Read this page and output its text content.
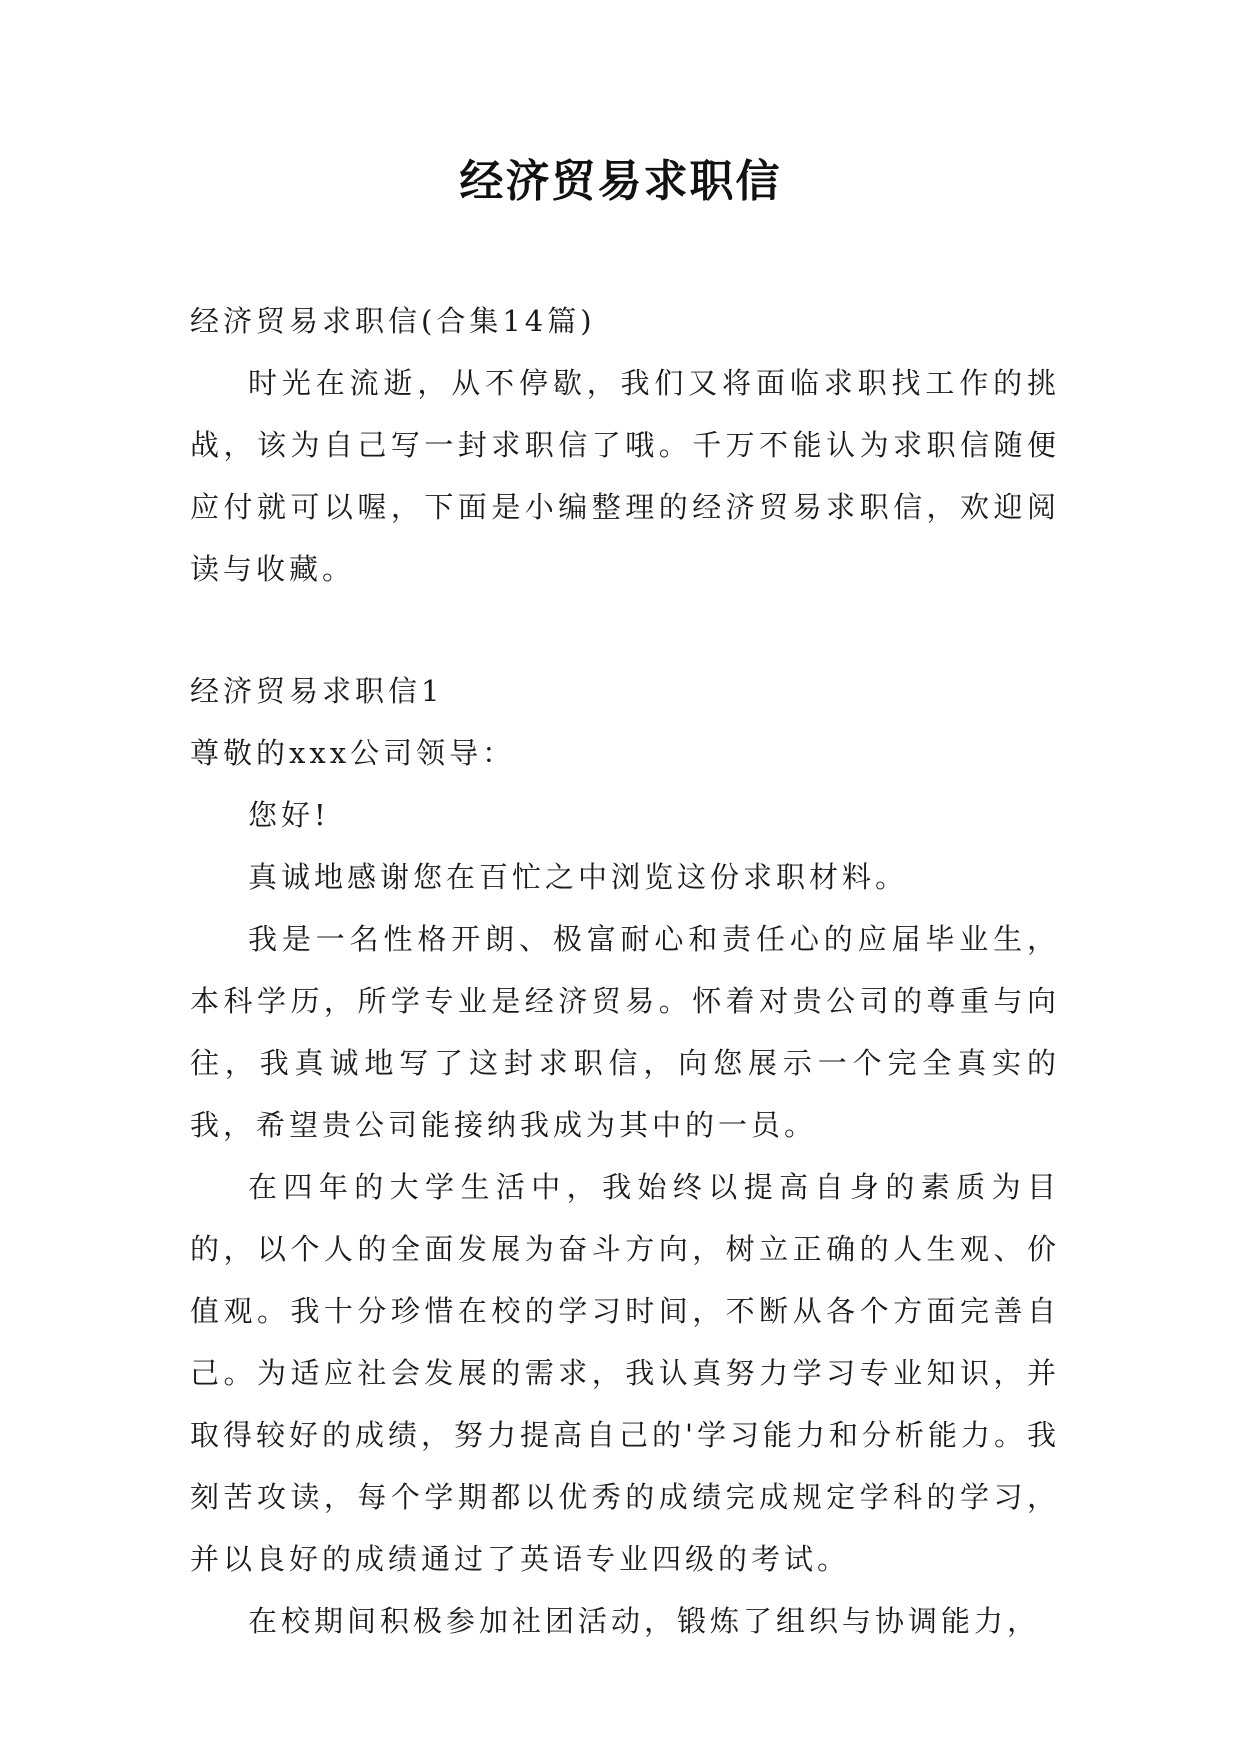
经济贸易求职信

经济贸易求职信(合集14篇)

时光在流逝，从不停歇，我们又将面临求职找工作的挑战，该为自己写一封求职信了哦。千万不能认为求职信随便应付就可以喔，下面是小编整理的经济贸易求职信，欢迎阅读与收藏。

经济贸易求职信1

尊敬的xxx公司领导：

您好!

真诚地感谢您在百忙之中浏览这份求职材料。

我是一名性格开朗、极富耐心和责任心的应届毕业生，本科学历，所学专业是经济贸易。怀着对贵公司的尊重与向往，我真诚地写了这封求职信，向您展示一个完全真实的我，希望贵公司能接纳我成为其中的一员。

在四年的大学生活中，我始终以提高自身的素质为目的，以个人的全面发展为奋斗方向，树立正确的人生观、价值观。我十分珍惜在校的学习时间，不断从各个方面完善自己。为适应社会发展的需求，我认真努力学习专业知识，并取得较好的成绩，努力提高自己的'学习能力和分析能力。我刻苦攻读，每个学期都以优秀的成绩完成规定学科的学习，并以良好的成绩通过了英语专业四级的考试。

在校期间积极参加社团活动，锻炼了组织与协调能力，
